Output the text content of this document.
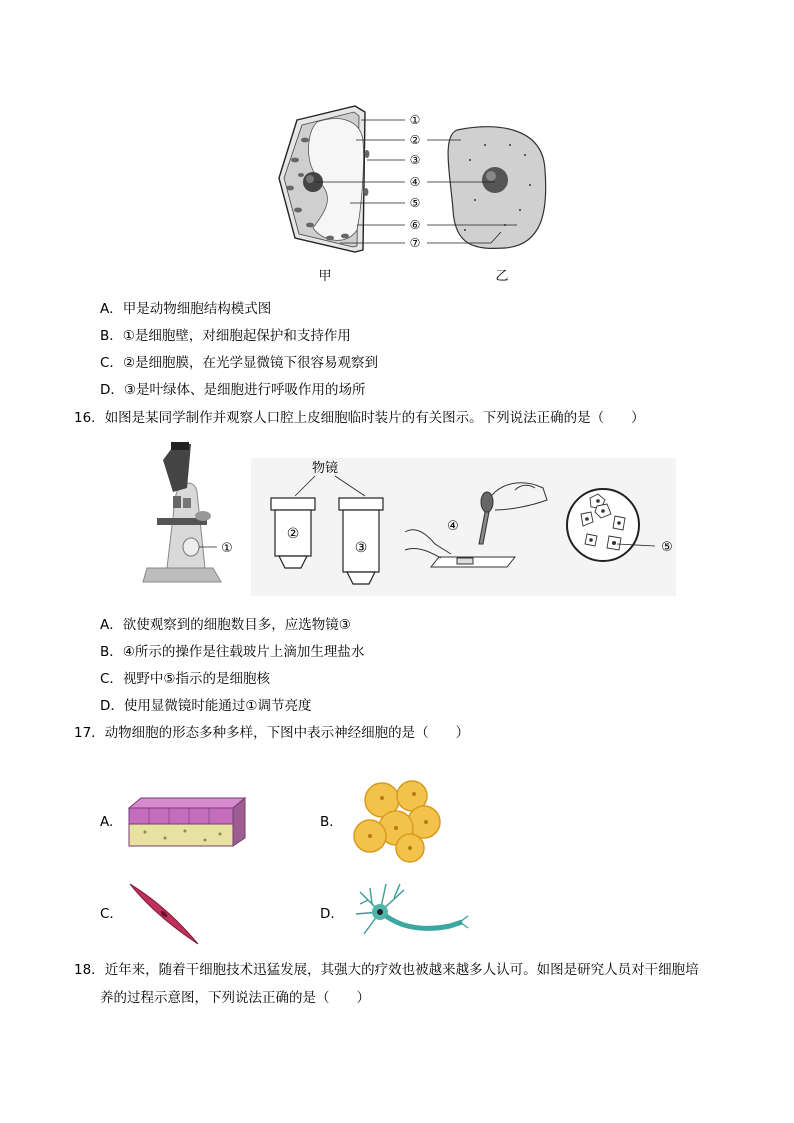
①
②
③
④
⑤
⑥
⑦
甲	乙
A．甲是动物细胞结构模式图
B．①是细胞壁，对细胞起保护和支持作用
C．②是细胞膜，在光学显微镜下很容易观察到
D．③是叶绿体、是细胞进行呼吸作用的场所
16．如图是某同学制作并观察人口腔上皮细胞临时装片的有关图示。下列说法正确的是（　　）
①
物镜
②
③
④
⑤
A．欲使观察到的细胞数目多，应选物镜③
B．④所示的操作是往载玻片上滴加生理盐水
C．视野中⑤指示的是细胞核
D．使用显微镜时能通过①调节亮度
17．动物细胞的形态多种多样，下图中表示神经细胞的是（　　）
A.	B.
C.	D.
18．近年来，随着干细胞技术迅猛发展，其强大的疗效也被越来越多人认可。如图是研究人员对干细胞培
养的过程示意图，下列说法正确的是（　　）
